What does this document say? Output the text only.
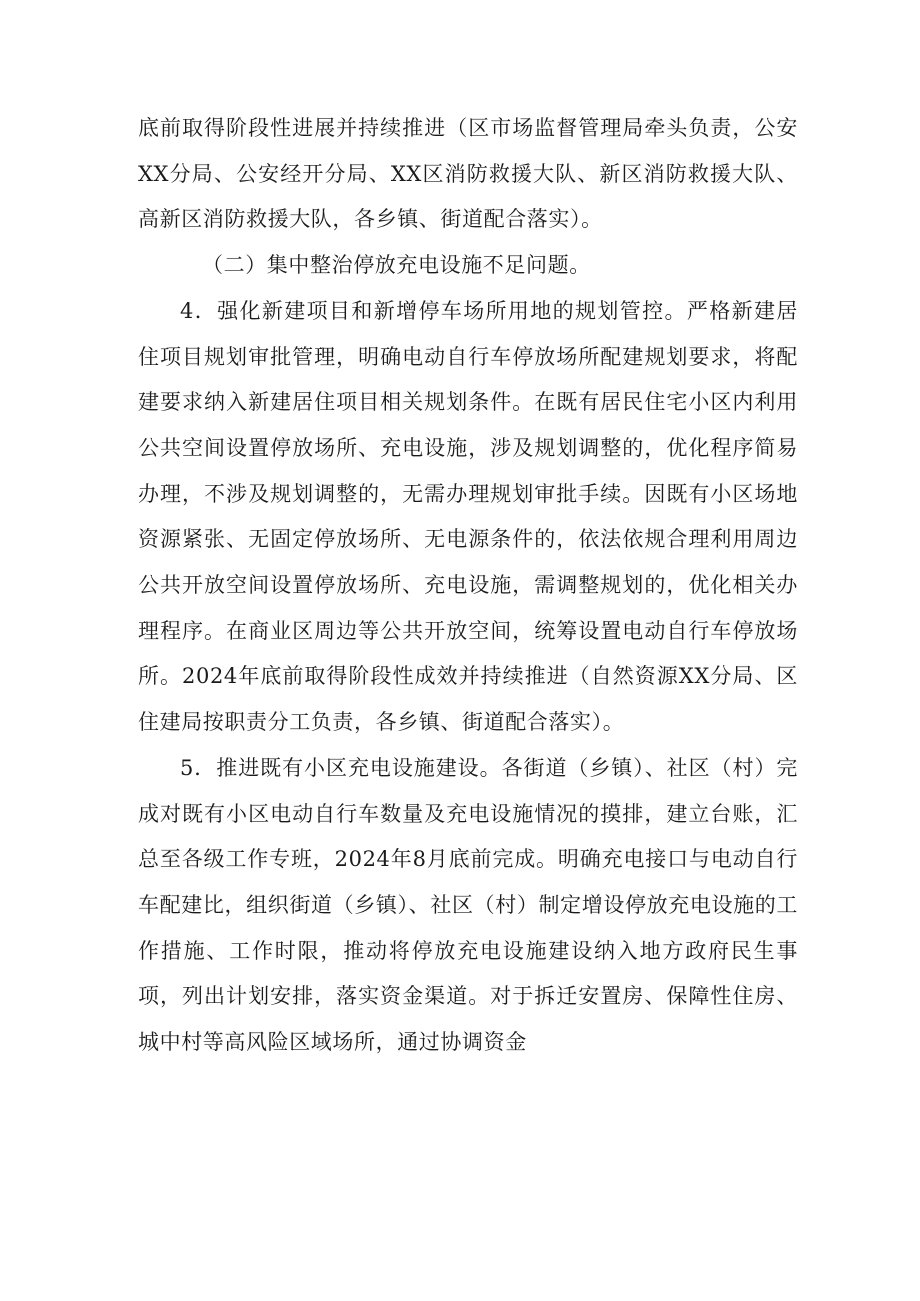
底前取得阶段性进展并持续推进（区市场监督管理局牵头负责，公安XX分局、公安经开分局、XX区消防救援大队、新区消防救援大队、高新区消防救援大队，各乡镇、街道配合落实）。

（二）集中整治停放充电设施不足问题。

4．强化新建项目和新增停车场所用地的规划管控。严格新建居住项目规划审批管理，明确电动自行车停放场所配建规划要求，将配建要求纳入新建居住项目相关规划条件。在既有居民住宅小区内利用公共空间设置停放场所、充电设施，涉及规划调整的，优化程序简易办理，不涉及规划调整的，无需办理规划审批手续。因既有小区场地资源紧张、无固定停放场所、无电源条件的，依法依规合理利用周边公共开放空间设置停放场所、充电设施，需调整规划的，优化相关办理程序。在商业区周边等公共开放空间，统筹设置电动自行车停放场所。2024年底前取得阶段性成效并持续推进（自然资源XX分局、区住建局按职责分工负责，各乡镇、街道配合落实）。

5．推进既有小区充电设施建设。各街道（乡镇）、社区（村）完成对既有小区电动自行车数量及充电设施情况的摸排，建立台账，汇总至各级工作专班，2024年8月底前完成。明确充电接口与电动自行车配建比，组织街道（乡镇）、社区（村）制定增设停放充电设施的工作措施、工作时限，推动将停放充电设施建设纳入地方政府民生事项，列出计划安排，落实资金渠道。对于拆迁安置房、保障性住房、城中村等高风险区域场所，通过协调资金
